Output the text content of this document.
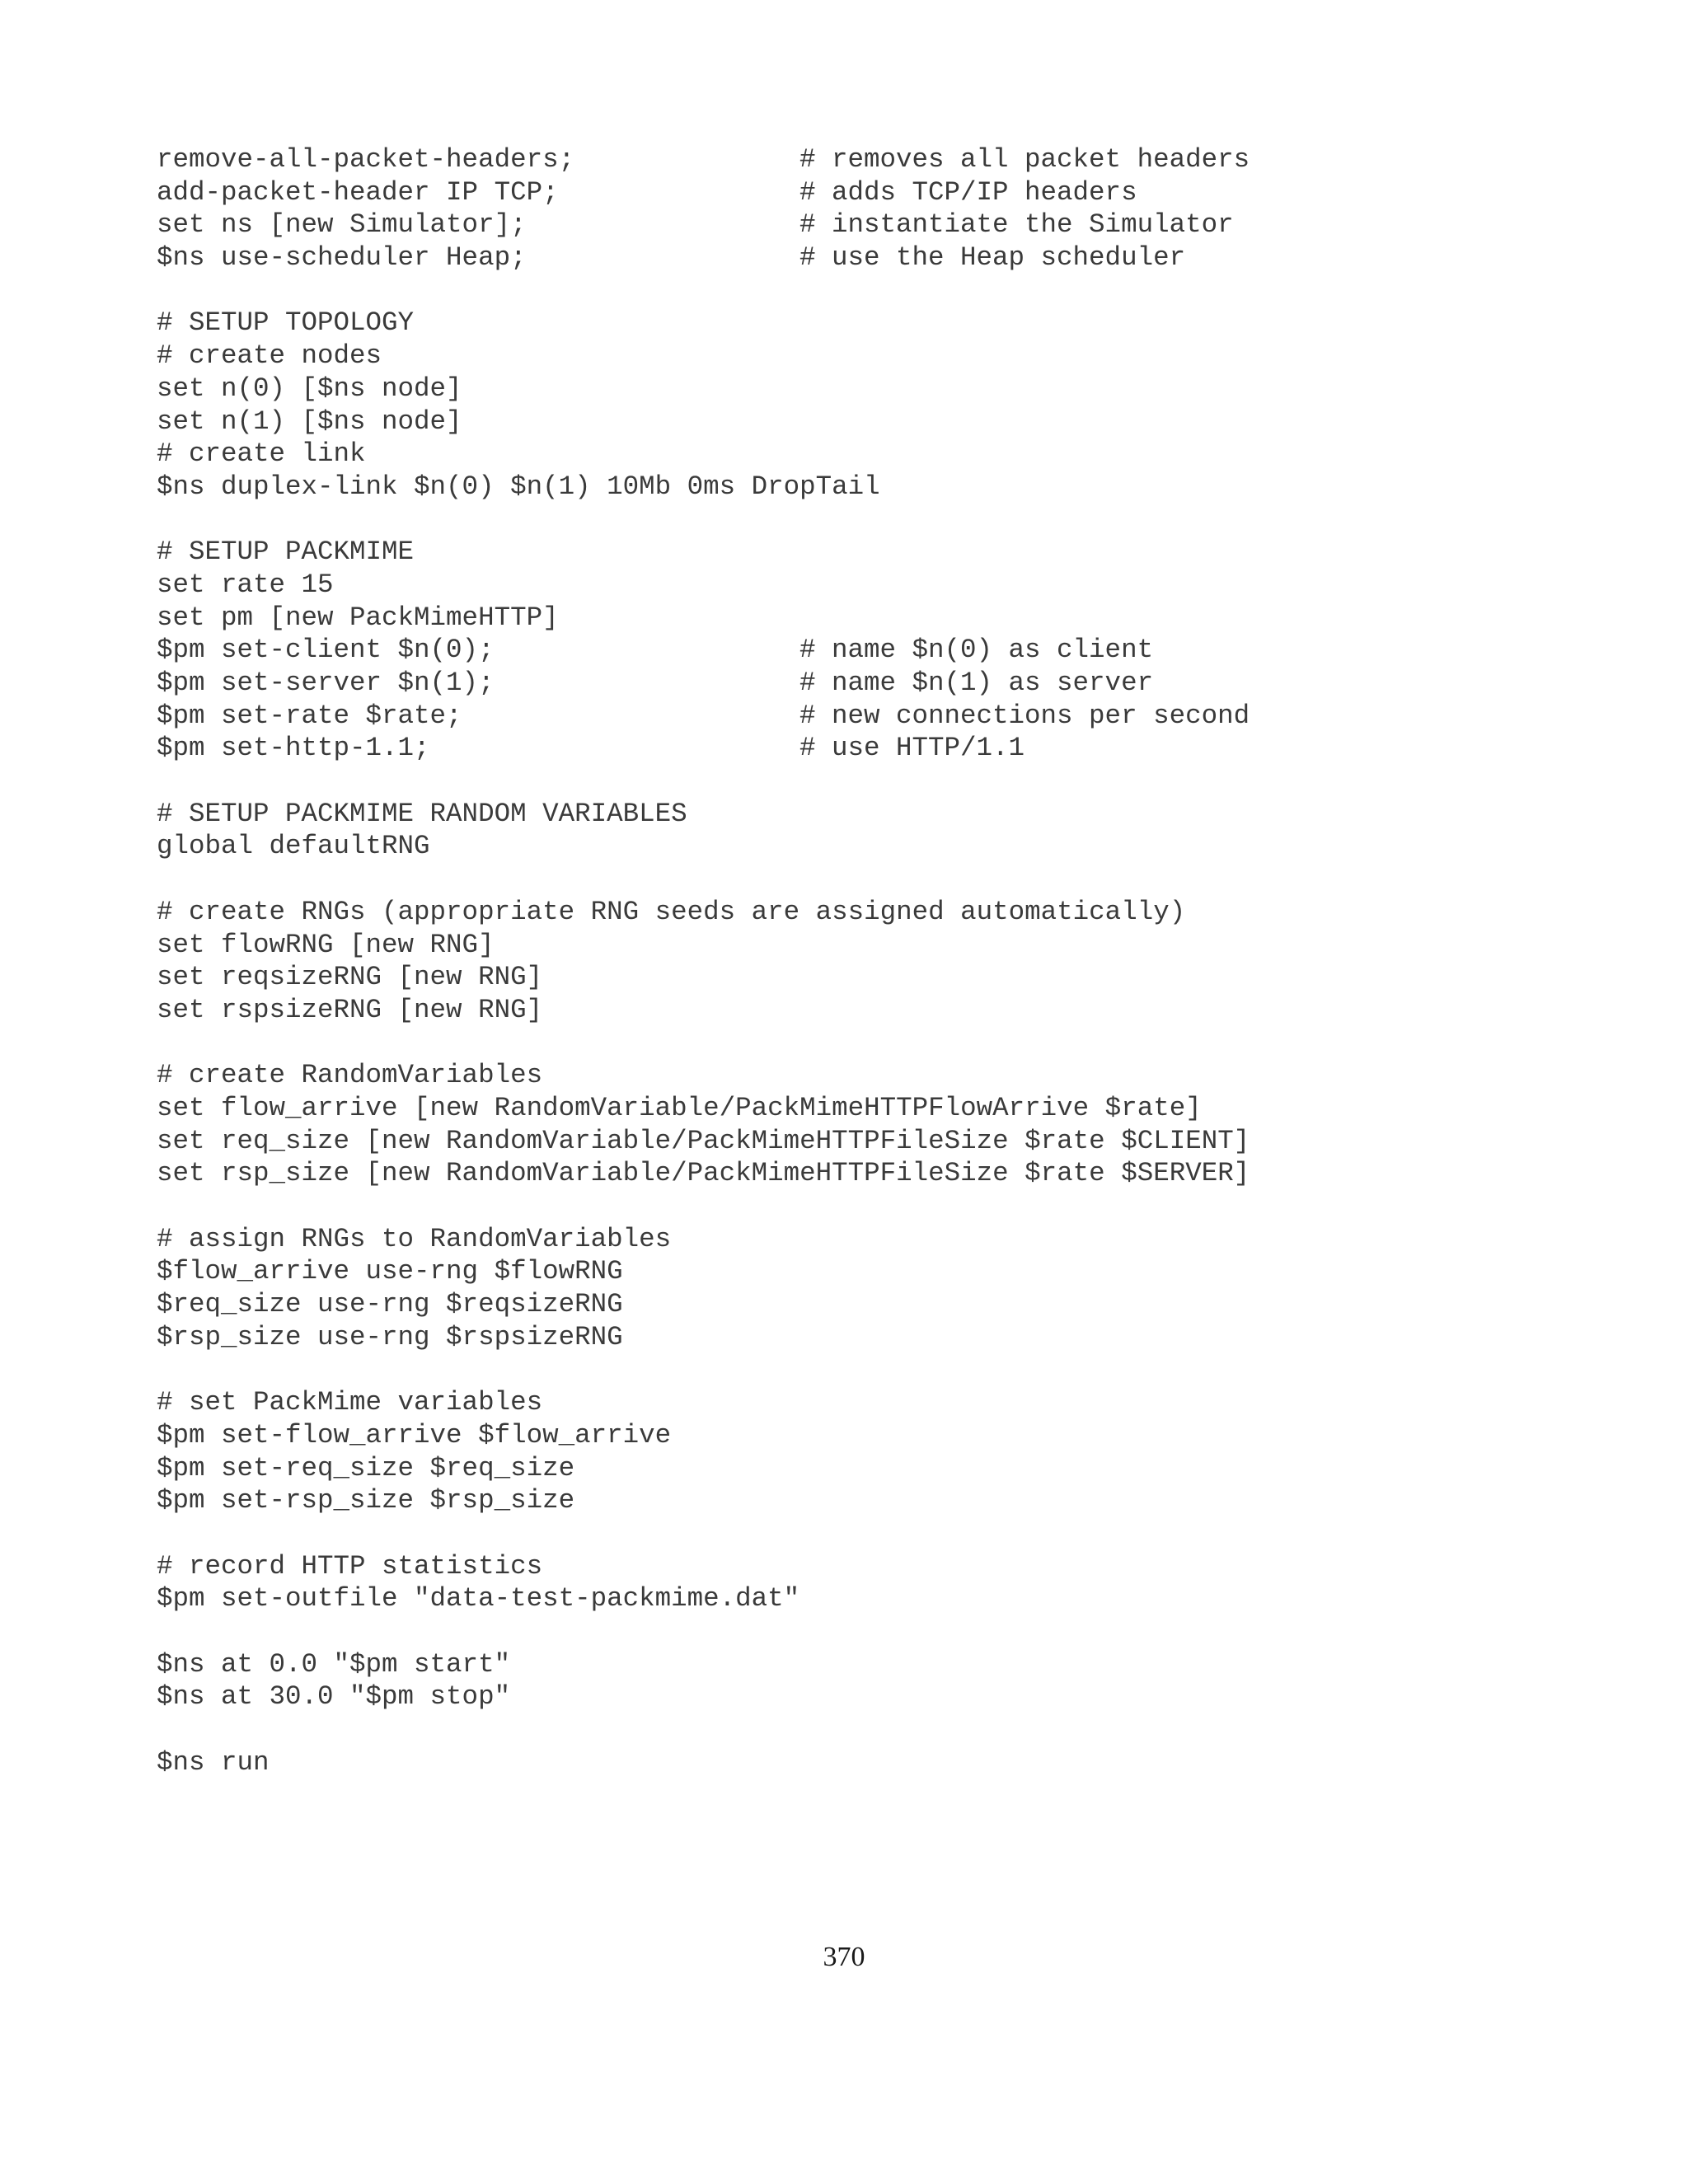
remove-all-packet-headers;	# removes all packet headers
add-packet-header IP TCP;	# adds TCP/IP headers
set ns [new Simulator];	# instantiate the Simulator
$ns use-scheduler Heap;	# use the Heap scheduler
# SETUP TOPOLOGY
# create nodes
set n(0) [$ns node]
set n(1) [$ns node]
# create link
$ns duplex-link $n(0) $n(1) 10Mb 0ms DropTail
# SETUP PACKMIME
set rate 15
set pm [new PackMimeHTTP]
$pm set-client $n(0);	# name $n(0) as client
$pm set-server $n(1);	# name $n(1) as server
$pm set-rate $rate;	# new connections per second
$pm set-http-1.1;	# use HTTP/1.1
# SETUP PACKMIME RANDOM VARIABLES
global defaultRNG
# create RNGs (appropriate RNG seeds are assigned automatically)
set flowRNG [new RNG]
set reqsizeRNG [new RNG]
set rspsizeRNG [new RNG]
# create RandomVariables
set flow_arrive [new RandomVariable/PackMimeHTTPFlowArrive $rate]
set req_size [new RandomVariable/PackMimeHTTPFileSize $rate $CLIENT]
set rsp_size [new RandomVariable/PackMimeHTTPFileSize $rate $SERVER]
# assign RNGs to RandomVariables
$flow_arrive use-rng $flowRNG
$req_size use-rng $reqsizeRNG
$rsp_size use-rng $rspsizeRNG
# set PackMime variables
$pm set-flow_arrive $flow_arrive
$pm set-req_size $req_size
$pm set-rsp_size $rsp_size
# record HTTP statistics
$pm set-outfile "data-test-packmime.dat"
$ns at 0.0 "$pm start"
$ns at 30.0 "$pm stop"
$ns run
370
